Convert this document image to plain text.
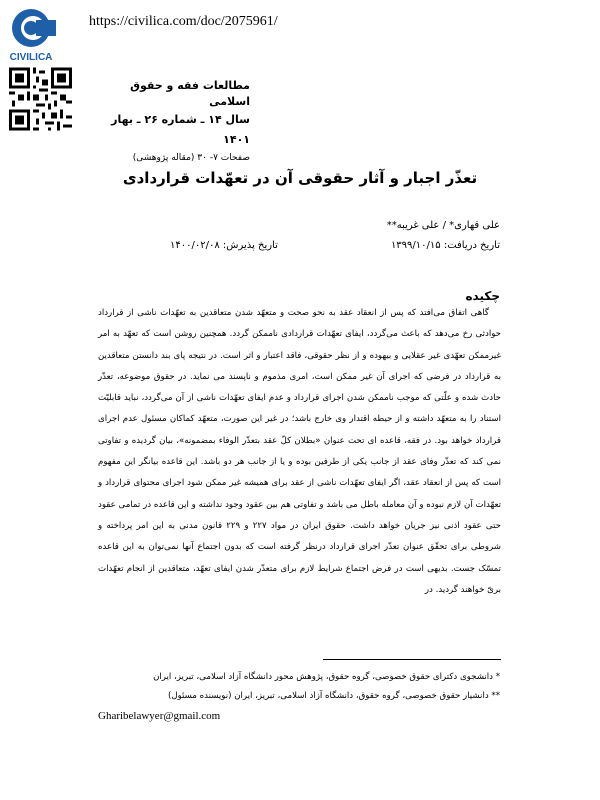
CIVILICA
https://civilica.com/doc/2075961/
مطالعات فقه و حقوق اسلامی
سال ۱۴ ـ شماره ۲۶ ـ بهار ۱۴۰۱
صفحات ۷- ۳۰ (مقاله پژوهشی)
تعذّر اجبار و آثار حقوقی آن در تعهّدات قراردادی
علی قهاری* / علی غریبه**
تاریخ دریافت: ۱۳۹۹/۱۰/۱۵
تاریخ پذیرش: ۱۴۰۰/۰۲/۰۸
چکیده

گاهی اتفاق می‌افتد که پس از انعقاد عقد به نحو صحت و متعهّد شدن متعاقدین به تعهّدات ناشی از قرارداد حوادثی رخ می‌دهد که باعث می‌گردد، ایفای تعهّدات قراردادی ناممکن گردد. همچنین روشن است که تعهّد به امر غیرممکن تعهّدی غیر عقلایی و بیهوده و از نظر حقوقی، فاقد اعتبار و اثر است. در نتیجه پای بند دانستن متعاقدین به قرارداد در فرضی که اجرای آن غیر ممکن است، امری مذموم و ناپسند می نماید. در حقوق موضوعه، تعذّر حادث شده و علّتی که موجب ناممکن شدن اجرای قرارداد و عدم ایفای تعهّدات ناشی از آن می‌گردد، نباید قابلیّت استناد را به متعهّد داشته و از حیطه اقتدار وی خارج باشد؛ در غیر این صورت، متعهّد کماکان مسئول عدم اجرای قرارداد خواهد بود. در فقه، قاعده ای تحت عنوان «بطلان کلّ عقد بتعذّر الوفاء بمضمونه»، بیان گردیده و تفاوتی نمی کند که تعذّر وفای عقد از جانب یکی از طرفین بوده و یا از جانب هر دو باشد. این قاعده بیانگر این مفهوم است که پس از انعقاد عقد، اگر ایفای تعهّدات ناشی از عقد برای همیشه غیر ممکن شود اجرای محتوای قرارداد و تعهّدات آن لازم نبوده و آن معامله باطل می باشد و تفاوتی هم بین عقود وجود نداشته و این قاعده در تمامی عقود حتی عقود اذنی نیز جریان خواهد داشت. حقوق ایران در مواد ۲۲۷ و ۲۲۹ قانون مدنی به این امر پرداخته و شروطی برای تحقّق عنوان تعذّر اجرای قرارداد درنظر گرفته است که بدون اجتماع آنها نمی‌توان به این قاعده تمسّک جست. بدیهی است در فرض اجتماع شرایط لازم برای متعذّر شدن ایفای تعهّد، متعاقدین از انجام تعهّدات بریّ خواهند گردید. در

* دانشجوی دکترای حقوق خصوصی، گروه حقوق، پژوهش محور دانشگاه آزاد اسلامی، تبریز، ایران
** دانشیار حقوق خصوصی، گروه حقوق، دانشگاه آزاد اسلامی، تبریز، ایران (نویسنده مسئول)
Gharibelawyer@gmail.com
